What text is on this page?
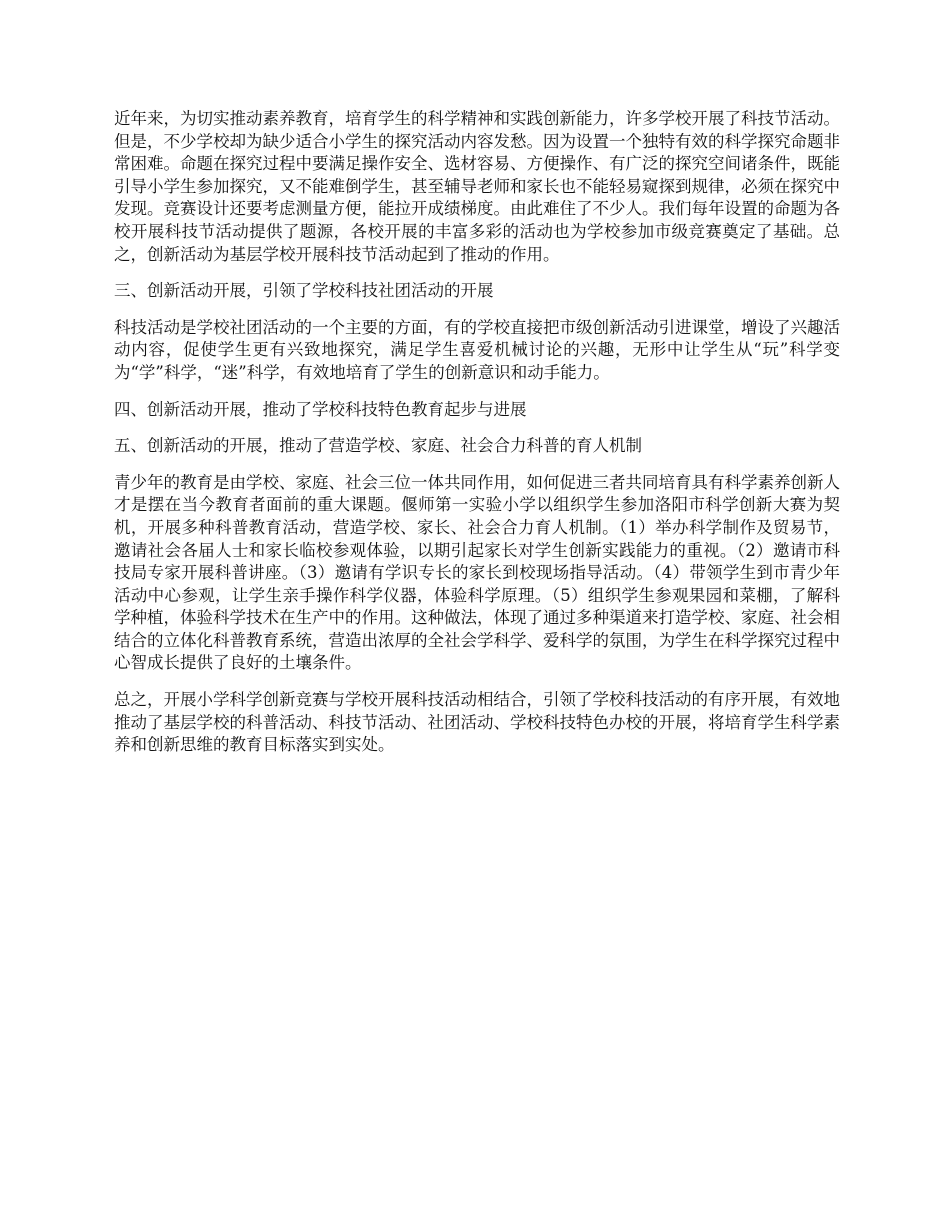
近年来，为切实推动素养教育，培育学生的科学精神和实践创新能力，许多学校开展了科技节活动。但是，不少学校却为缺少适合小学生的探究活动内容发愁。因为设置一个独特有效的科学探究命题非常困难。命题在探究过程中要满足操作安全、选材容易、方便操作、有广泛的探究空间诸条件，既能引导小学生参加探究，又不能难倒学生，甚至辅导老师和家长也不能轻易窥探到规律，必须在探究中发现。竞赛设计还要考虑测量方便，能拉开成绩梯度。由此难住了不少人。我们每年设置的命题为各校开展科技节活动提供了题源，各校开展的丰富多彩的活动也为学校参加市级竞赛奠定了基础。总之，创新活动为基层学校开展科技节活动起到了推动的作用。

三、创新活动开展，引领了学校科技社团活动的开展

科技活动是学校社团活动的一个主要的方面，有的学校直接把市级创新活动引进课堂，增设了兴趣活动内容，促使学生更有兴致地探究，满足学生喜爱机械讨论的兴趣，无形中让学生从“玩”科学变为“学”科学，“迷”科学，有效地培育了学生的创新意识和动手能力。

四、创新活动开展，推动了学校科技特色教育起步与进展

五、创新活动的开展，推动了营造学校、家庭、社会合力科普的育人机制

青少年的教育是由学校、家庭、社会三位一体共同作用，如何促进三者共同培育具有科学素养创新人才是摆在当今教育者面前的重大课题。偃师第一实验小学以组织学生参加洛阳市科学创新大赛为契机，开展多种科普教育活动，营造学校、家长、社会合力育人机制。（1）举办科学制作及贸易节，邀请社会各届人士和家长临校参观体验，以期引起家长对学生创新实践能力的重视。（2）邀请市科技局专家开展科普讲座。（3）邀请有学识专长的家长到校现场指导活动。（4）带领学生到市青少年活动中心参观，让学生亲手操作科学仪器，体验科学原理。（5）组织学生参观果园和菜棚，了解科学种植，体验科学技术在生产中的作用。这种做法，体现了通过多种渠道来打造学校、家庭、社会相结合的立体化科普教育系统，营造出浓厚的全社会学科学、爱科学的氛围，为学生在科学探究过程中心智成长提供了良好的土壤条件。

总之，开展小学科学创新竞赛与学校开展科技活动相结合，引领了学校科技活动的有序开展，有效地推动了基层学校的科普活动、科技节活动、社团活动、学校科技特色办校的开展，将培育学生科学素养和创新思维的教育目标落实到实处。
